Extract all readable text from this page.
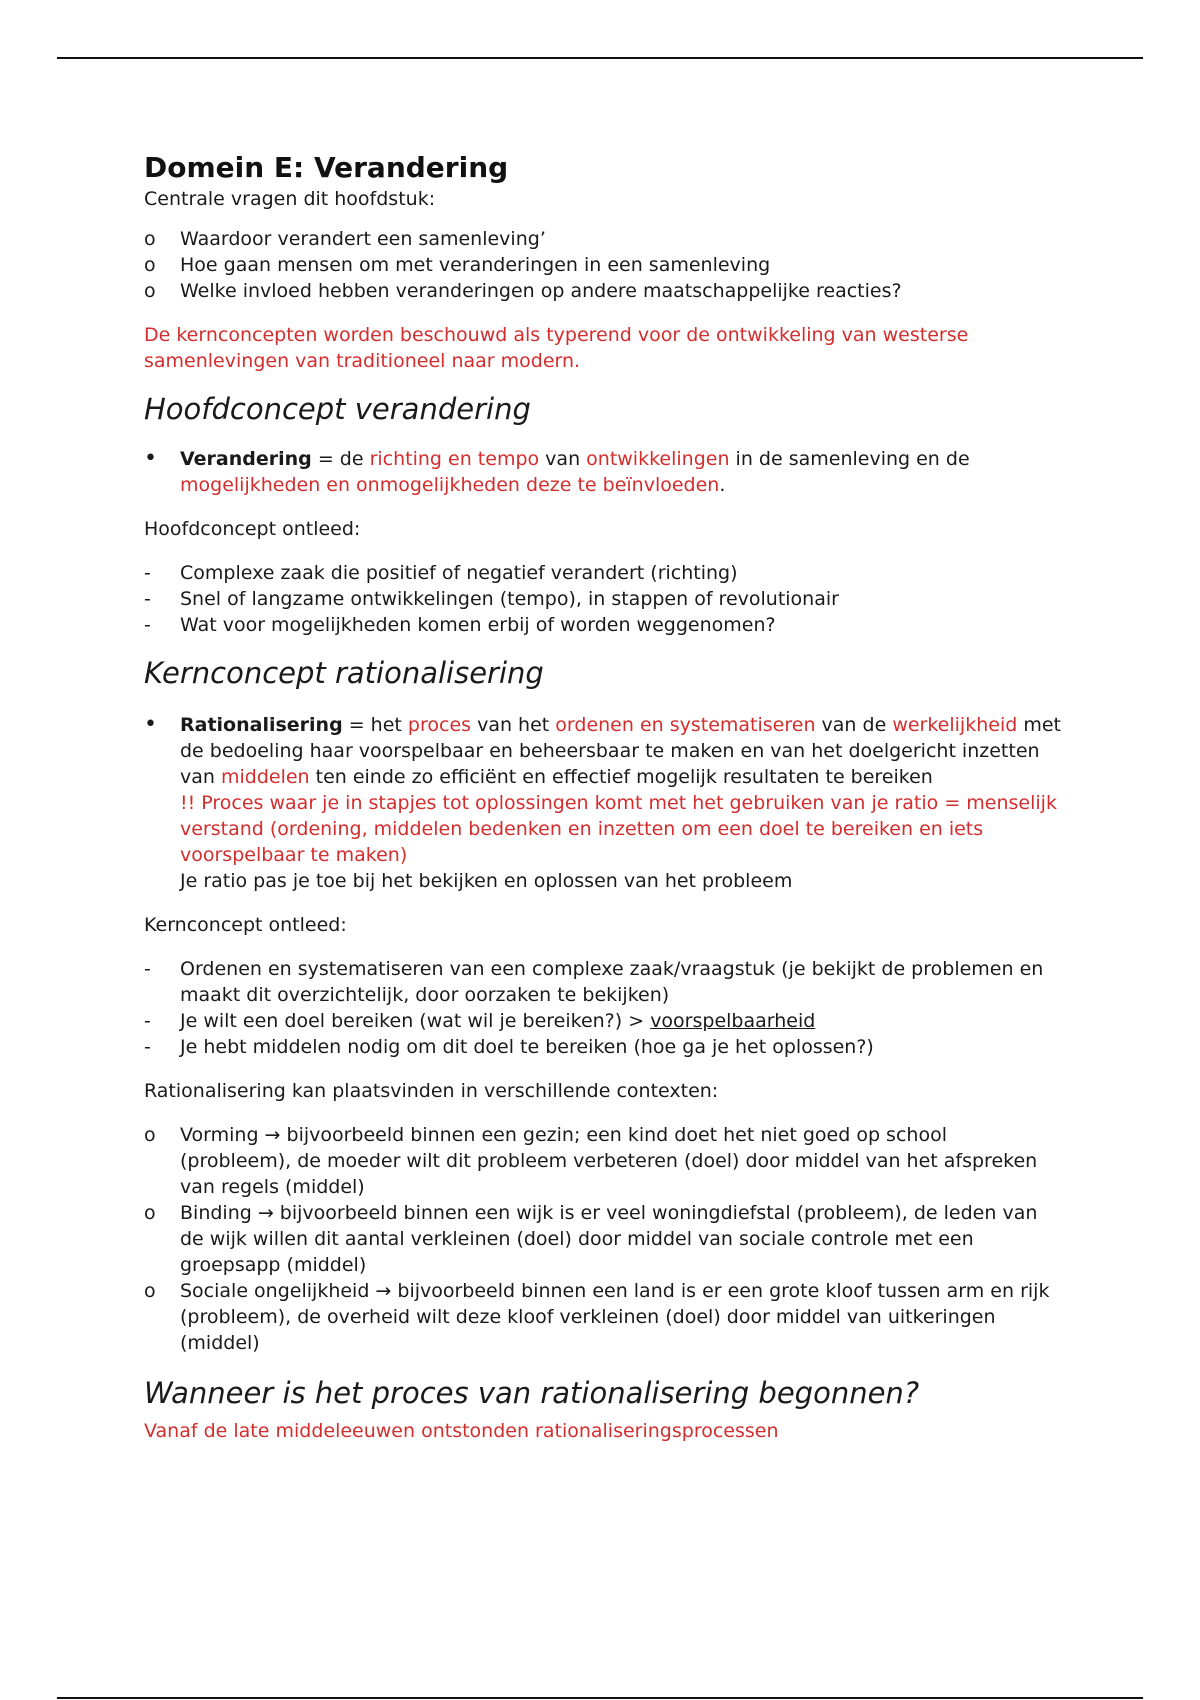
Domein E: Verandering

Centrale vragen dit hoofdstuk:

o	Waardoor verandert een samenleving’
o	Hoe gaan mensen om met veranderingen in een samenleving
o	Welke invloed hebben veranderingen op andere maatschappelijke reacties?

De kernconcepten worden beschouwd als typerend voor de ontwikkeling van westerse samenlevingen van traditioneel naar modern.

Hoofdconcept verandering
•	Verandering = de richting en tempo van ontwikkelingen in de samenleving en de mogelijkheden en onmogelijkheden deze te beïnvloeden.

Hoofdconcept ontleed:

-	Complexe zaak die positief of negatief verandert (richting)
-	Snel of langzame ontwikkelingen (tempo), in stappen of revolutionair
-	Wat voor mogelijkheden komen erbij of worden weggenomen?
Kernconcept rationalisering
•	Rationalisering = het proces van het ordenen en systematiseren van de werkelijkheid met de bedoeling haar voorspelbaar en beheersbaar te maken en van het doelgericht inzetten van middelen ten einde zo efficiënt en effectief mogelijk resultaten te bereiken
!! Proces waar je in stapjes tot oplossingen komt met het gebruiken van je ratio = menselijk verstand (ordening, middelen bedenken en inzetten om een doel te bereiken en iets voorspelbaar te maken)
Je ratio pas je toe bij het bekijken en oplossen van het probleem

Kernconcept ontleed:

-	Ordenen en systematiseren van een complexe zaak/vraagstuk (je bekijkt de problemen en maakt dit overzichtelijk, door oorzaken te bekijken)
-	Je wilt een doel bereiken (wat wil je bereiken?) > voorspelbaarheid
-	Je hebt middelen nodig om dit doel te bereiken (hoe ga je het oplossen?)

Rationalisering kan plaatsvinden in verschillende contexten:

o	Vorming → bijvoorbeeld binnen een gezin; een kind doet het niet goed op school (probleem), de moeder wilt dit probleem verbeteren (doel) door middel van het afspreken van regels (middel)
o	Binding → bijvoorbeeld binnen een wijk is er veel woningdiefstal (probleem), de leden van de wijk willen dit aantal verkleinen (doel) door middel van sociale controle met een groepsapp (middel)
o	Sociale ongelijkheid → bijvoorbeeld binnen een land is er een grote kloof tussen arm en rijk (probleem), de overheid wilt deze kloof verkleinen (doel) door middel van uitkeringen (middel)
Wanneer is het proces van rationalisering begonnen?

Vanaf de late middeleeuwen ontstonden rationaliseringsprocessen
